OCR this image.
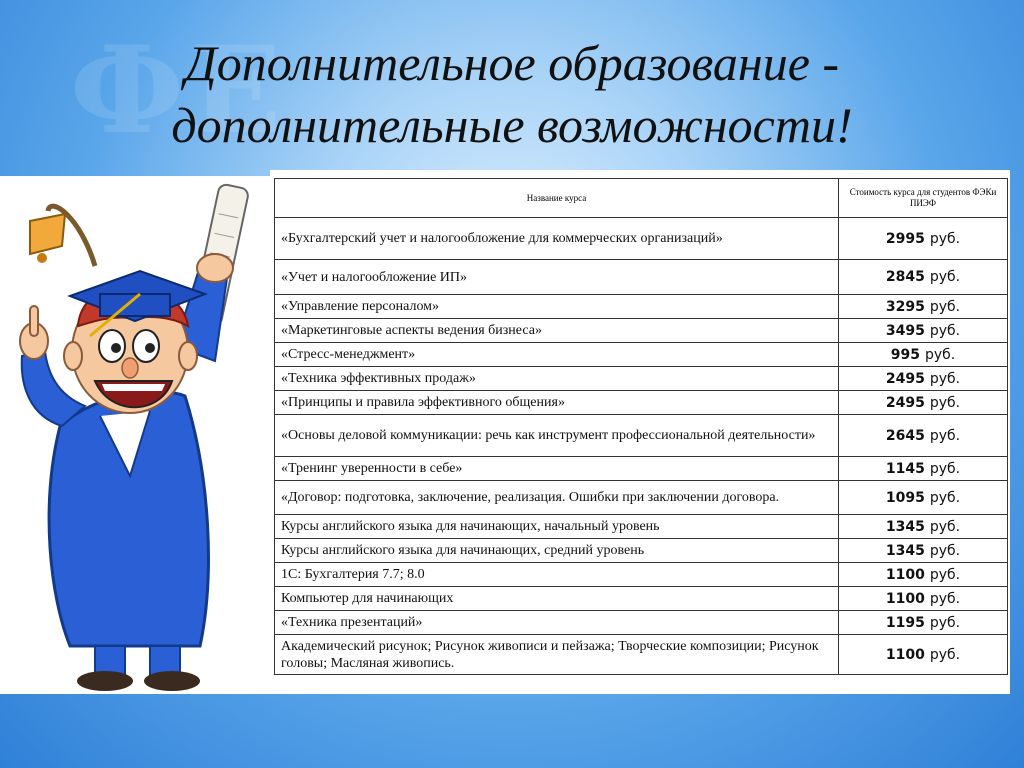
ФЕ
Дополнительное образование -
дополнительные возможности!
Название курса	Стоимость курса для студентов ФЭКи ПИЭФ
«Бухгалтерский учет и налогообложение для коммерческих организаций»	2995 руб.
«Учет и налогообложение ИП»	2845 руб.
«Управление персоналом»	3295 руб.
«Маркетинговые аспекты ведения бизнеса»	3495 руб.
«Стресс-менеджмент»	995 руб.
«Техника эффективных продаж»	2495 руб.
«Принципы и правила эффективного общения»	2495 руб.
«Основы деловой коммуникации: речь как инструмент профессиональной деятельности»	2645 руб.
«Тренинг уверенности в себе»	1145 руб.
«Договор: подготовка, заключение, реализация. Ошибки при заключении договора.	1095 руб.
Курсы английского языка для начинающих, начальный уровень	1345 руб.
Курсы английского языка для начинающих, средний уровень	1345 руб.
1С: Бухгалтерия 7.7; 8.0	1100 руб.
Компьютер для начинающих	1100 руб.
«Техника презентаций»	1195 руб.
Академический рисунок; Рисунок живописи и пейзажа; Творческие композиции; Рисунок головы; Масляная живопись.	1100 руб.
